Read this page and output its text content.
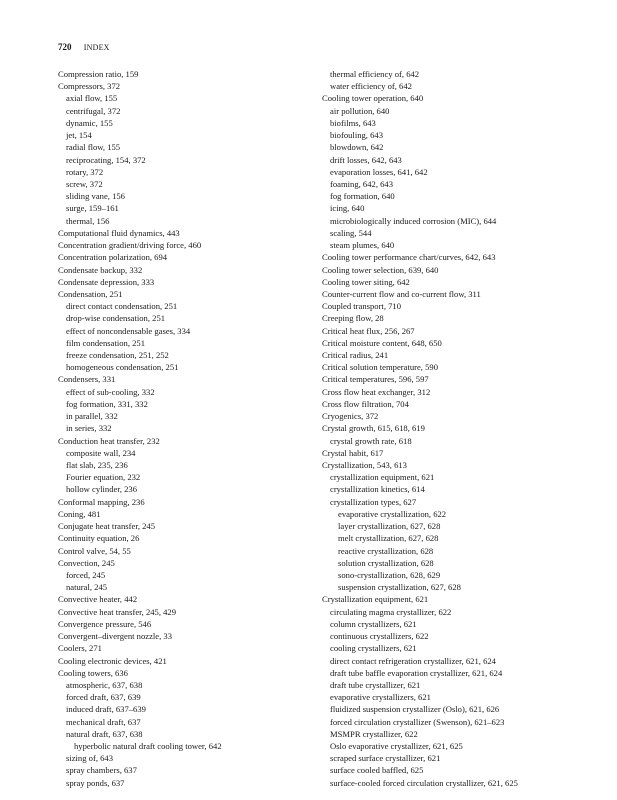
720 INDEX
Compression ratio, 159
Compressors, 372
axial flow, 155
centrifugal, 372
dynamic, 155
jet, 154
radial flow, 155
reciprocating, 154, 372
rotary, 372
screw, 372
sliding vane, 156
surge, 159–161
thermal, 156
Computational fluid dynamics, 443
Concentration gradient/driving force, 460
Concentration polarization, 694
Condensate backup, 332
Condensate depression, 333
Condensation, 251
direct contact condensation, 251
drop-wise condensation, 251
effect of noncondensable gases, 334
film condensation, 251
freeze condensation, 251, 252
homogeneous condensation, 251
Condensers, 331
effect of sub-cooling, 332
fog formation, 331, 332
in parallel, 332
in series, 332
Conduction heat transfer, 232
composite wall, 234
flat slab, 235, 236
Fourier equation, 232
hollow cylinder, 236
Conformal mapping, 236
Coning, 481
Conjugate heat transfer, 245
Continuity equation, 26
Control valve, 54, 55
Convection, 245
forced, 245
natural, 245
Convective heater, 442
Convective heat transfer, 245, 429
Convergence pressure, 546
Convergent–divergent nozzle, 33
Coolers, 271
Cooling electronic devices, 421
Cooling towers, 636
atmospheric, 637, 638
forced draft, 637, 639
induced draft, 637–639
mechanical draft, 637
natural draft, 637, 638
hyperbolic natural draft cooling tower, 642
sizing of, 643
spray chambers, 637
spray ponds, 637
thermal efficiency of, 642
water efficiency of, 642
Cooling tower operation, 640
air pollution, 640
biofilms, 643
biofouling, 643
blowdown, 642
drift losses, 642, 643
evaporation losses, 641, 642
foaming, 642, 643
fog formation, 640
icing, 640
microbiologically induced corrosion (MIC), 644
scaling, 544
steam plumes, 640
Cooling tower performance chart/curves, 642, 643
Cooling tower selection, 639, 640
Cooling tower siting, 642
Counter-current flow and co-current flow, 311
Coupled transport, 710
Creeping flow, 28
Critical heat flux, 256, 267
Critical moisture content, 648, 650
Critical radius, 241
Critical solution temperature, 590
Critical temperatures, 596, 597
Cross flow heat exchanger, 312
Cross flow filtration, 704
Cryogenics, 372
Crystal growth, 615, 618, 619
crystal growth rate, 618
Crystal habit, 617
Crystallization, 543, 613
crystallization equipment, 621
crystallization kinetics, 614
crystallization types, 627
evaporative crystallization, 622
layer crystallization, 627, 628
melt crystallization, 627, 628
reactive crystallization, 628
solution crystallization, 628
sono-crystallization, 628, 629
suspension crystallization, 627, 628
Crystallization equipment, 621
circulating magma crystallizer, 622
column crystallizers, 621
continuous crystallizers, 622
cooling crystallizers, 621
direct contact refrigeration crystallizer, 621, 624
draft tube baffle evaporation crystallizer, 621, 624
draft tube crystallizer, 621
evaporative crystallizers, 621
fluidized suspension crystallizer (Oslo), 621, 626
forced circulation crystallizer (Swenson), 621–623
MSMPR crystallizer, 622
Oslo evaporative crystallizer, 621, 625
scraped surface crystallizer, 621
surface cooled baffled, 625
surface-cooled forced circulation crystallizer, 621, 625
